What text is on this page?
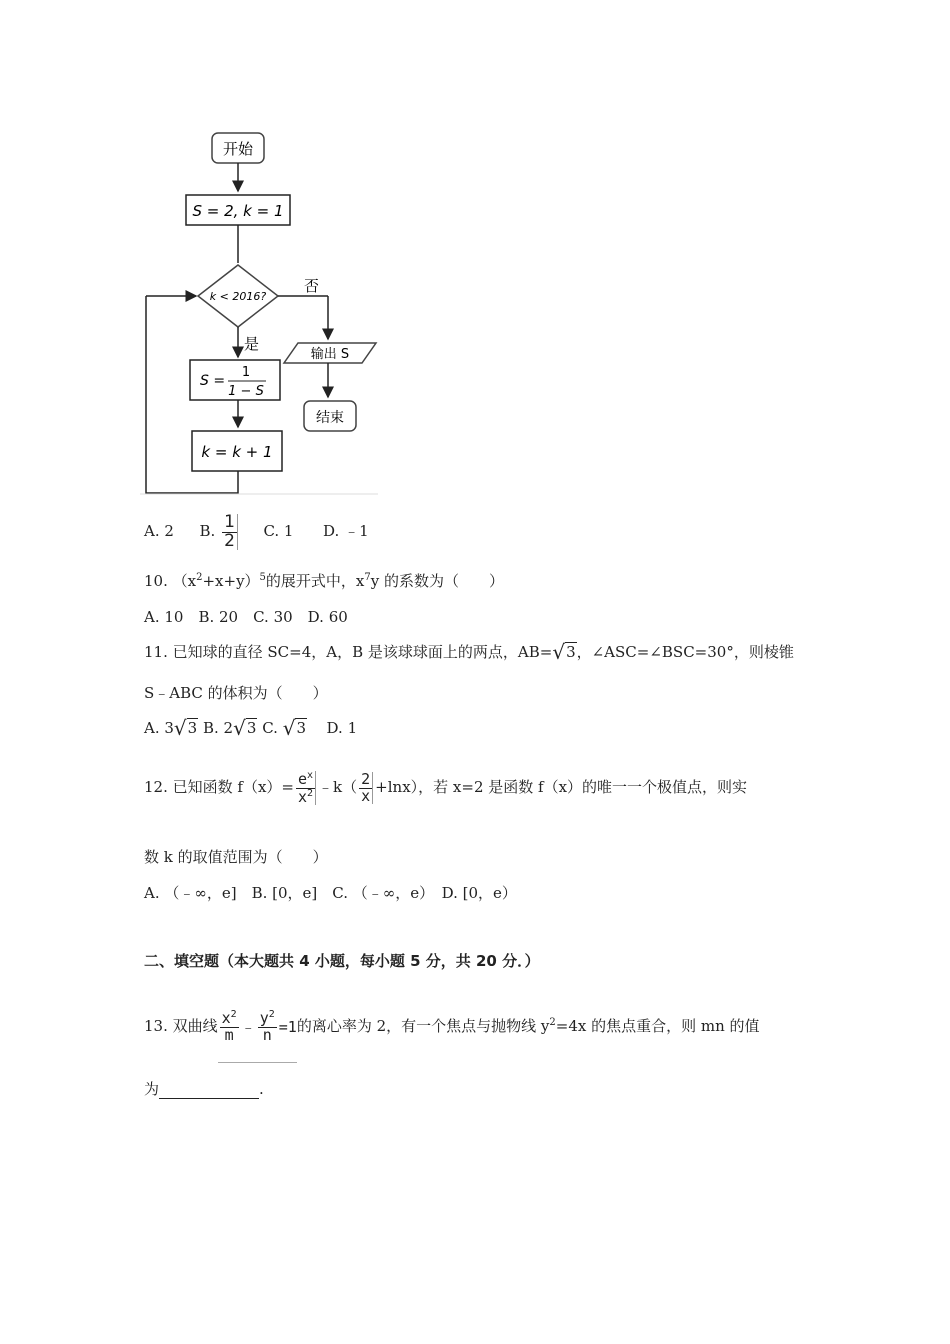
开始
S = 2, k = 1
k < 2016?
否
输出 S
结束
是
S =
1
1 − S
k = k + 1
A. 2 B. $\frac{1}{2} C$. 1 D. ﹣1
10. $(x^2+x+y)^5$的展开式中，$x^7y$ 的系数为（　　）
A. 10　B. 20　C. 30　D. 60
11. 已知球的直径 SC=4，A，B 是该球球面上的两点，AB=√3，∠ASC=∠BSC=30°，则棱锥
S﹣ABC 的体积为（　　）
A. 3√3 B. 2√3 C. √3 D. 1
12. 已知函数 $f(x)= \frac{e^x}{x^2}$ ﹣k（ $\frac{2}{x} +\ln x$），若 x=2 是函数 f（x）的唯一一个极值点，则实
数 k 的取值范围为（　　）
A. （﹣∞，e]　B. [0，e]　C. （﹣∞，e）　D. [0，e）
二、填空题（本大题共 4 小题，每小题 5 分，共 20 分．）
13. 双曲线 $\frac{x^2}{m}$ ﹣ $\frac{y^2}{n} =1$的离心率为 2，有一个焦点与抛物线 $y^2=4x$ 的焦点重合，则 mn 的值
为	.
